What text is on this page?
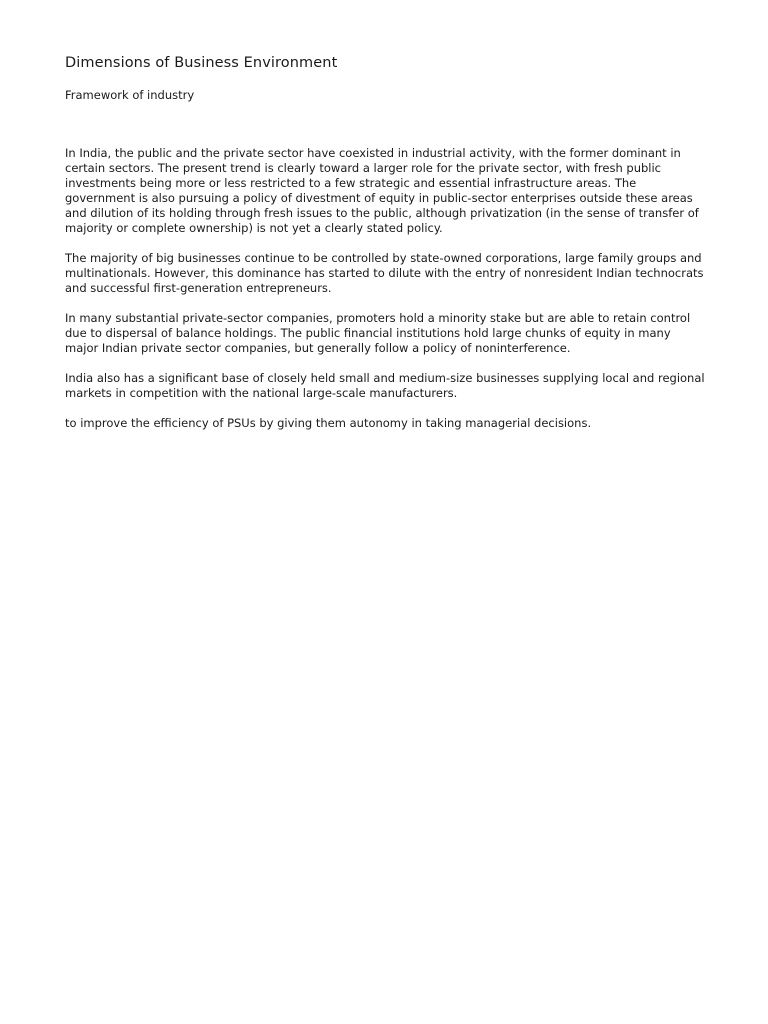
Dimensions of Business Environment
Framework of industry

In India, the public and the private sector have coexisted in industrial activity, with the former dominant in certain sectors. The present trend is clearly toward a larger role for the private sector, with fresh public investments being more or less restricted to a few strategic and essential infrastructure areas. The government is also pursuing a policy of divestment of equity in public-sector enterprises outside these areas and dilution of its holding through fresh issues to the public, although privatization (in the sense of transfer of majority or complete ownership) is not yet a clearly stated policy.

The majority of big businesses continue to be controlled by state-owned corporations, large family groups and multinationals. However, this dominance has started to dilute with the entry of nonresident Indian technocrats and successful first-generation entrepreneurs.

In many substantial private-sector companies, promoters hold a minority stake but are able to retain control due to dispersal of balance holdings. The public financial institutions hold large chunks of equity in many major Indian private sector companies, but generally follow a policy of noninterference.

India also has a significant base of closely held small and medium-size businesses supplying local and regional markets in competition with the national large-scale manufacturers.

to improve the efficiency of PSUs by giving them autonomy in taking managerial decisions.
